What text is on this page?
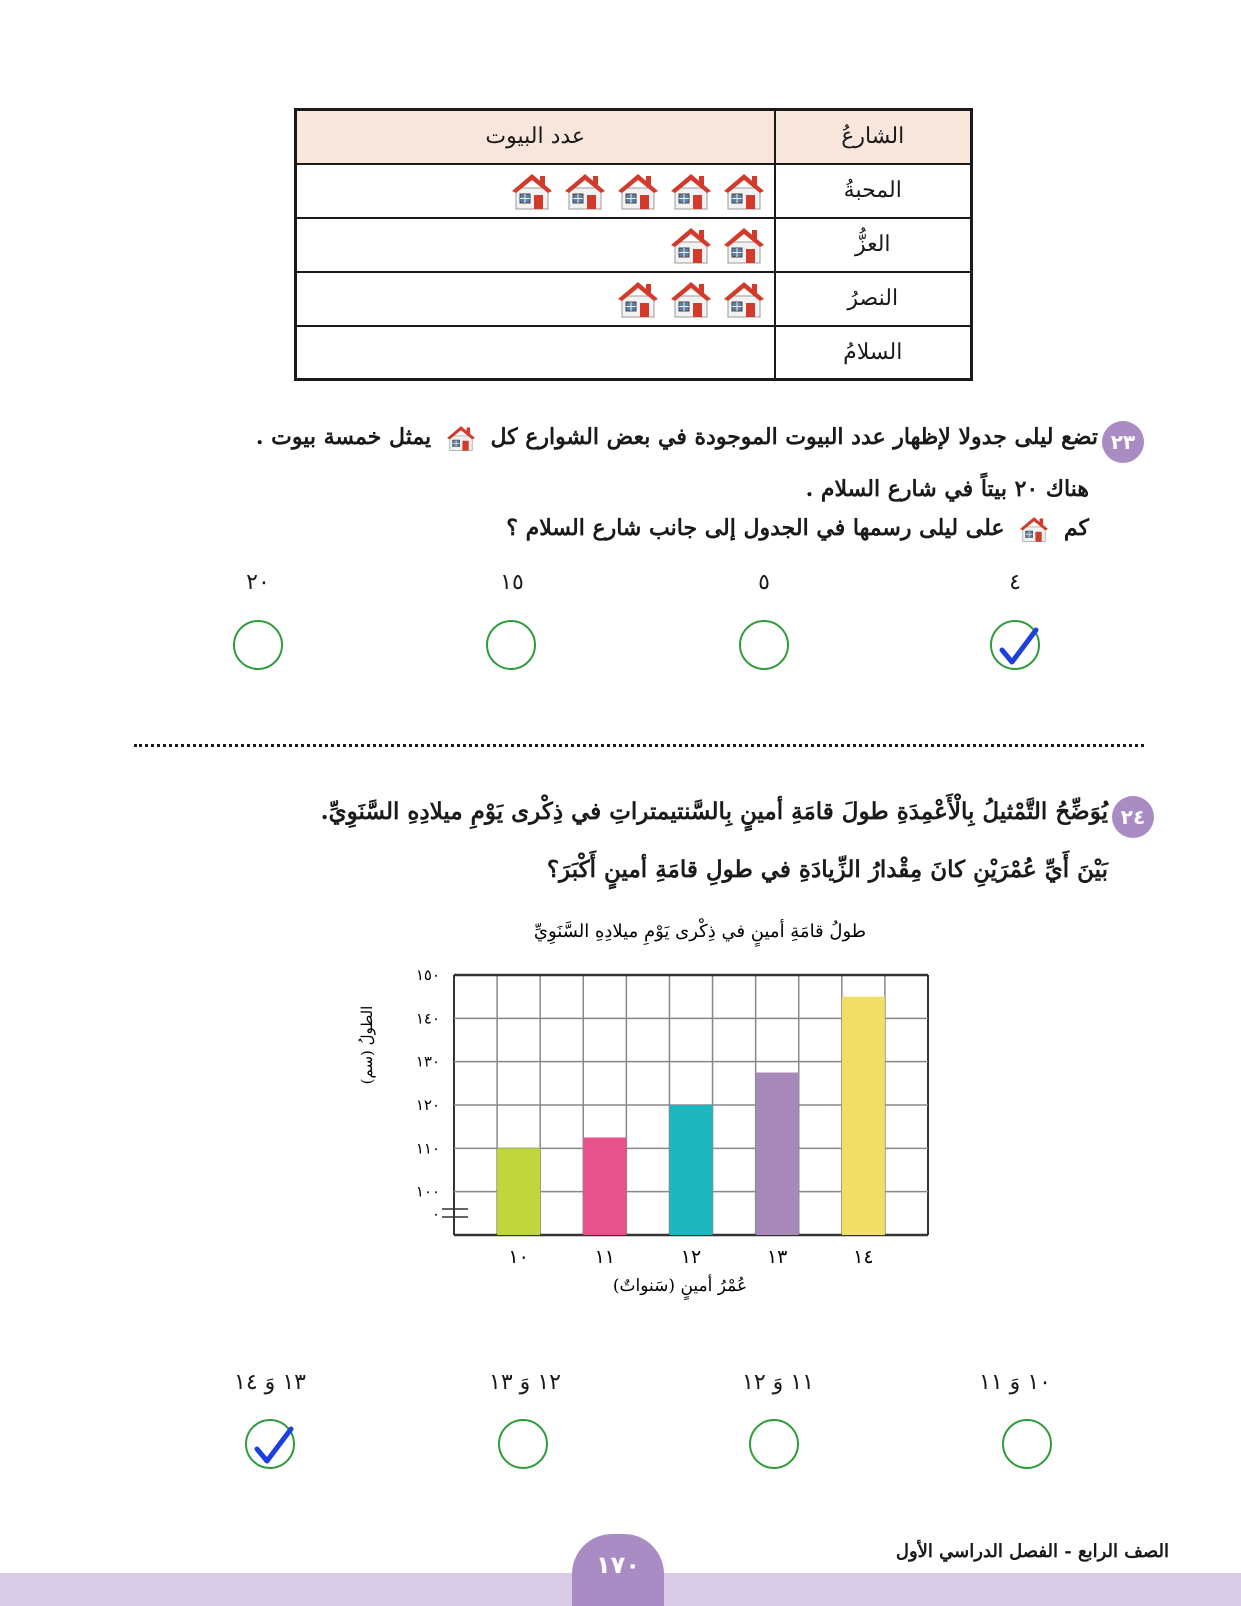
الشارعُ	عدد البيوت
المحبةُ	
العزُّ	
النصرُ	
السلامُ	
٢٣
تضع ليلى جدولا لإظهار عدد البيوت الموجودة في بعض الشوارع كل  يمثل خمسة بيوت .
هناك ٢٠ بيتاً في شارع السلام .
كم  على ليلى رسمها في الجدول إلى جانب شارع السلام ؟
٤
٥
١٥
٢٠
٢٤
يُوَضِّحُ التَّمْثيلُ بِالْأَعْمِدَةِ طولَ قامَةِ أمينٍ بِالسَّنتيمتراتِ في ذِكْرى يَوْمِ ميلادِهِ السَّنَوِيِّ.
بَيْنَ أَيِّ عُمْرَيْنِ كانَ مِقْدارُ الزِّيادَةِ في طولِ قامَةِ أمينٍ أَكْبَرَ؟
طولُ قامَةِ أمينٍ في ذِكْرى يَوْمِ ميلادِهِ السَّنَوِيِّ
٠
١٠٠
١١٠
١٢٠
١٣٠
١٤٠
١٥٠
١٠	١١	١٢	١٣	١٤
الطولُ (سم)
عُمْرُ أمينٍ (سَنواتٌ)
١٠ وَ ١١
١١ وَ ١٢
١٢ وَ ١٣
١٣ وَ ١٤
١٧٠	الصف الرابع - الفصل الدراسي الأول
